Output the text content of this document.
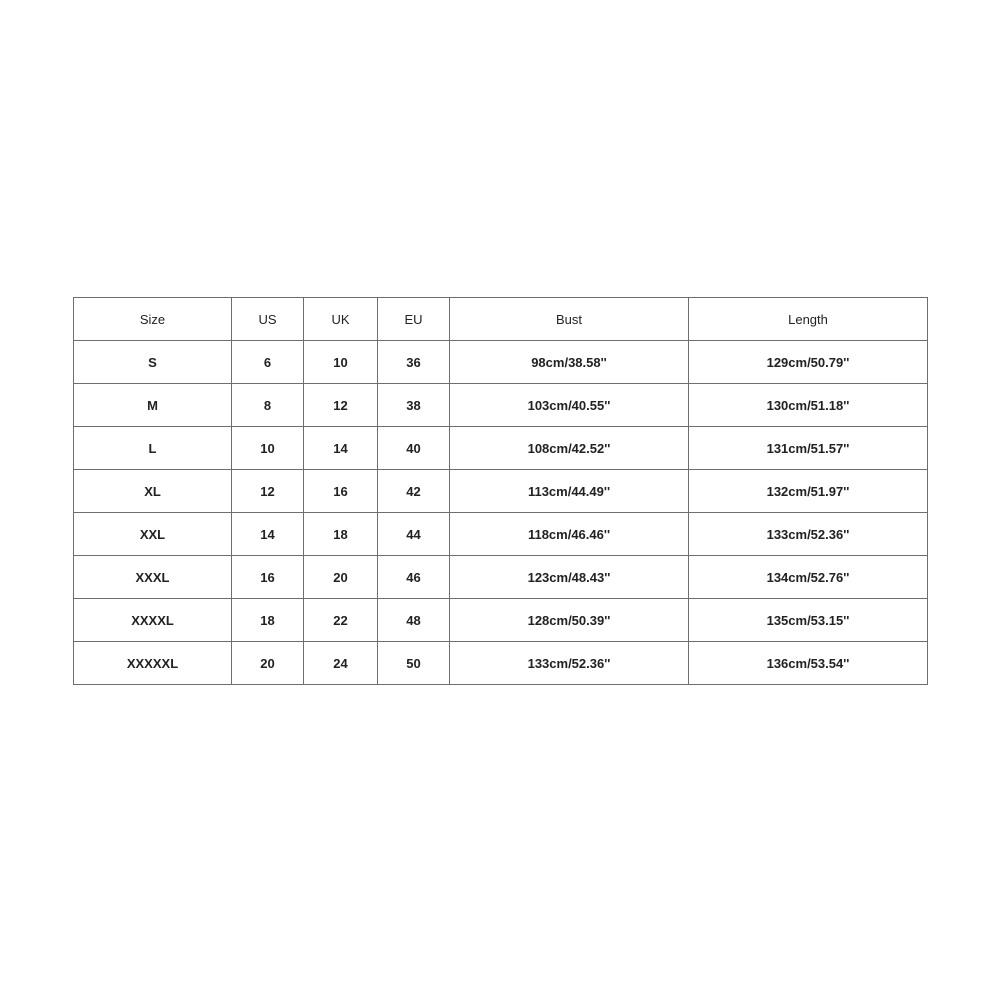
Size	US	UK	EU	Bust	Length
S	6	10	36	98cm/38.58''	129cm/50.79''
M	8	12	38	103cm/40.55''	130cm/51.18''
L	10	14	40	108cm/42.52''	131cm/51.57''
XL	12	16	42	113cm/44.49''	132cm/51.97''
XXL	14	18	44	118cm/46.46''	133cm/52.36''
XXXL	16	20	46	123cm/48.43''	134cm/52.76''
XXXXL	18	22	48	128cm/50.39''	135cm/53.15''
XXXXXL	20	24	50	133cm/52.36''	136cm/53.54''
